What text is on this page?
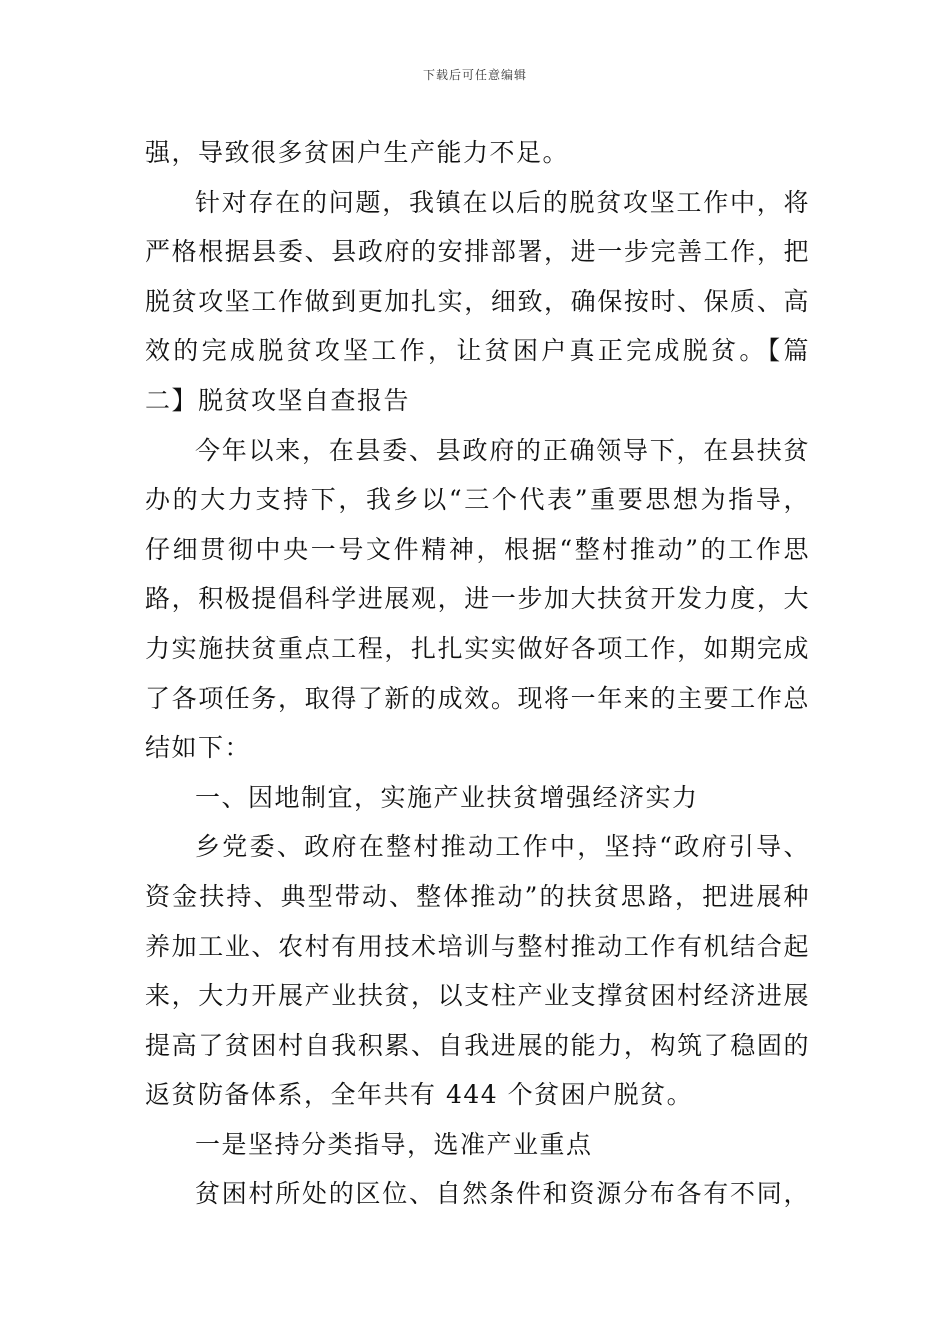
下载后可任意编辑
强，导致很多贫困户生产能力不足。
针对存在的问题，我镇在以后的脱贫攻坚工作中，将
严格根据县委、县政府的安排部署，进一步完善工作，把
脱贫攻坚工作做到更加扎实，细致，确保按时、保质、高
效的完成脱贫攻坚工作，让贫困户真正完成脱贫。【篇
二】脱贫攻坚自查报告
今年以来，在县委、县政府的正确领导下，在县扶贫
办的大力支持下，我乡以“三个代表”重要思想为指导，
仔细贯彻中央一号文件精神，根据“整村推动”的工作思
路，积极提倡科学进展观，进一步加大扶贫开发力度，大
力实施扶贫重点工程，扎扎实实做好各项工作，如期完成
了各项任务，取得了新的成效。现将一年来的主要工作总
结如下：
一、因地制宜，实施产业扶贫增强经济实力
乡党委、政府在整村推动工作中，坚持“政府引导、
资金扶持、典型带动、整体推动”的扶贫思路，把进展种
养加工业、农村有用技术培训与整村推动工作有机结合起
来，大力开展产业扶贫，以支柱产业支撑贫困村经济进展
提高了贫困村自我积累、自我进展的能力，构筑了稳固的
返贫防备体系，全年共有 444 个贫困户脱贫。
一是坚持分类指导，选准产业重点
贫困村所处的区位、自然条件和资源分布各有不同，
